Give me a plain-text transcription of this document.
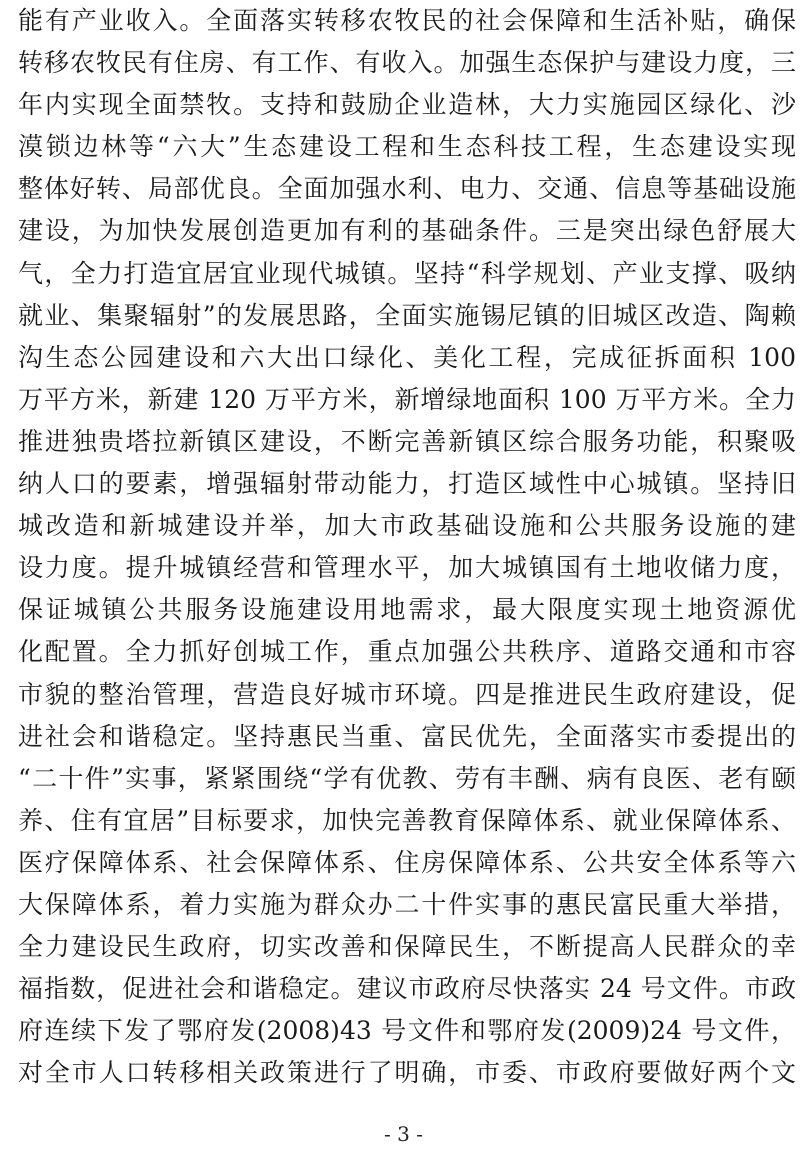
能有产业收入。全面落实转移农牧民的社会保障和生活补贴，确保
转移农牧民有住房、有工作、有收入。加强生态保护与建设力度，三
年内实现全面禁牧。支持和鼓励企业造林，大力实施园区绿化、沙
漠锁边林等“六大”生态建设工程和生态科技工程，生态建设实现
整体好转、局部优良。全面加强水利、电力、交通、信息等基础设施
建设，为加快发展创造更加有利的基础条件。三是突出绿色舒展大
气，全力打造宜居宜业现代城镇。坚持“科学规划、产业支撑、吸纳
就业、集聚辐射”的发展思路，全面实施锡尼镇的旧城区改造、陶赖
沟生态公园建设和六大出口绿化、美化工程，完成征拆面积 100
万平方米，新建 120 万平方米，新增绿地面积 100 万平方米。全力
推进独贵塔拉新镇区建设，不断完善新镇区综合服务功能，积聚吸
纳人口的要素，增强辐射带动能力，打造区域性中心城镇。坚持旧
城改造和新城建设并举，加大市政基础设施和公共服务设施的建
设力度。提升城镇经营和管理水平，加大城镇国有土地收储力度，
保证城镇公共服务设施建设用地需求，最大限度实现土地资源优
化配置。全力抓好创城工作，重点加强公共秩序、道路交通和市容
市貌的整治管理，营造良好城市环境。四是推进民生政府建设，促
进社会和谐稳定。坚持惠民当重、富民优先，全面落实市委提出的
“二十件”实事，紧紧围绕“学有优教、劳有丰酬、病有良医、老有颐
养、住有宜居”目标要求，加快完善教育保障体系、就业保障体系、
医疗保障体系、社会保障体系、住房保障体系、公共安全体系等六
大保障体系，着力实施为群众办二十件实事的惠民富民重大举措，
全力建设民生政府，切实改善和保障民生，不断提高人民群众的幸
福指数，促进社会和谐稳定。建议市政府尽快落实 24 号文件。市政
府连续下发了鄂府发(2008)43 号文件和鄂府发(2009)24 号文件，
对全市人口转移相关政策进行了明确，市委、市政府要做好两个文
- 3 -
